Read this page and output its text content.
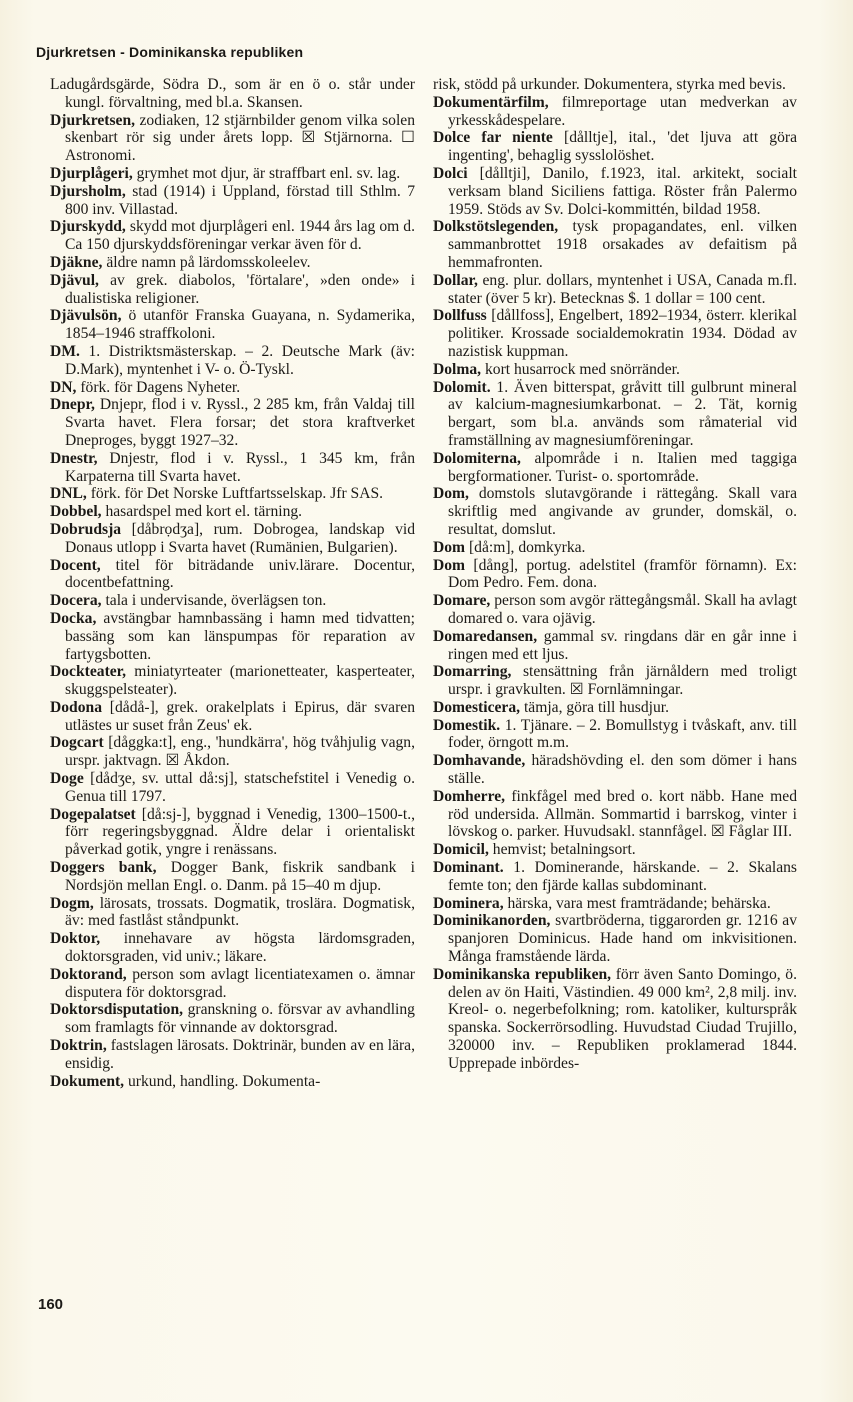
Djurkretsen - Dominikanska republiken

Ladugårdsgärde, Södra D., som är en ö o. står under kungl. förvaltning, med bl.a. Skansen.

Djurkretsen, zodiaken, 12 stjärnbilder genom vilka solen skenbart rör sig under årets lopp. ☒ Stjärnorna. ☐ Astronomi.

Djurplågeri, grymhet mot djur, är straffbart enl. sv. lag.

Djursholm, stad (1914) i Uppland, förstad till Sthlm. 7 800 inv. Villastad.

Djurskydd, skydd mot djurplågeri enl. 1944 års lag om d. Ca 150 djurskyddsföreningar verkar även för d.

Djäkne, äldre namn på lärdomsskoleelev.

Djävul, av grek. diabolos, 'förtalare', »den onde» i dualistiska religioner.

Djävulsön, ö utanför Franska Guayana, n. Sydamerika, 1854–1946 straffkoloni.

DM. 1. Distriktsmästerskap. – 2. Deutsche Mark (äv: D.Mark), myntenhet i V- o. Ö-Tyskl.

DN, förk. för Dagens Nyheter.

Dnepr, Dnjepr, flod i v. Ryssl., 2 285 km, från Valdaj till Svarta havet. Flera forsar; det stora kraftverket Dneproges, byggt 1927–32.

Dnestr, Dnjestr, flod i v. Ryssl., 1 345 km, från Karpaterna till Svarta havet.

DNL, förk. för Det Norske Luftfartsselskap. Jfr SAS.

Dobbel, hasardspel med kort el. tärning.

Dobrudsja [dåbrọdʒa], rum. Dobrogea, landskap vid Donaus utlopp i Svarta havet (Rumänien, Bulgarien).

Docent, titel för biträdande univ.lärare. Docentur, docentbefattning.

Docera, tala i undervisande, överlägsen ton.

Docka, avstängbar hamnbassäng i hamn med tidvatten; bassäng som kan länspumpas för reparation av fartygsbotten.

Dockteater, miniatyrteater (marionetteater, kasperteater, skuggspelsteater).

Dodona [dådå-], grek. orakelplats i Epirus, där svaren utlästes ur suset från Zeus' ek.

Dogcart [dåggka:t], eng., 'hundkärra', hög tvåhjulig vagn, urspr. jaktvagn. ☒ Åkdon.

Doge [dådʒe, sv. uttal då:sj], statschefstitel i Venedig o. Genua till 1797.

Dogepalatset [då:sj-], byggnad i Venedig, 1300–1500-t., förr regeringsbyggnad. Äldre delar i orientaliskt påverkad gotik, yngre i renässans.

Doggers bank, Dogger Bank, fiskrik sandbank i Nordsjön mellan Engl. o. Danm. på 15–40 m djup.

Dogm, lärosats, trossats. Dogmatik, troslära. Dogmatisk, äv: med fastlåst ståndpunkt.

Doktor, innehavare av högsta lärdomsgraden, doktorsgraden, vid univ.; läkare.

Doktorand, person som avlagt licentiatexamen o. ämnar disputera för doktorsgrad.

Doktorsdisputation, granskning o. försvar av avhandling som framlagts för vinnande av doktorsgrad.

Doktrin, fastslagen lärosats. Doktrinär, bunden av en lära, ensidig.

Dokument, urkund, handling. Dokumenta-

risk, stödd på urkunder. Dokumentera, styrka med bevis.

Dokumentärfilm, filmreportage utan medverkan av yrkesskådespelare.

Dolce far niente [dålltje], ital., 'det ljuva att göra ingenting', behaglig sysslolöshet.

Dolci [dålltji], Danilo, f.1923, ital. arkitekt, socialt verksam bland Siciliens fattiga. Röster från Palermo 1959. Stöds av Sv. Dolci-kommittén, bildad 1958.

Dolkstötslegenden, tysk propagandates, enl. vilken sammanbrottet 1918 orsakades av defaitism på hemmafronten.

Dollar, eng. plur. dollars, myntenhet i USA, Canada m.fl. stater (över 5 kr). Betecknas $. 1 dollar = 100 cent.

Dollfuss [dållfoss], Engelbert, 1892–1934, österr. klerikal politiker. Krossade socialdemokratin 1934. Dödad av nazistisk kuppman.

Dolma, kort husarrock med snörränder.

Dolomit. 1. Även bitterspat, gråvitt till gulbrunt mineral av kalcium-magnesiumkarbonat. – 2. Tät, kornig bergart, som bl.a. används som råmaterial vid framställning av magnesiumföreningar.

Dolomiterna, alpområde i n. Italien med taggiga bergformationer. Turist- o. sportområde.

Dom, domstols slutavgörande i rättegång. Skall vara skriftlig med angivande av grunder, domskäl, o. resultat, domslut.

Dom [då:m], domkyrka.

Dom [dång], portug. adelstitel (framför förnamn). Ex: Dom Pedro. Fem. dona.

Domare, person som avgör rättegångsmål. Skall ha avlagt domared o. vara ojävig.

Domaredansen, gammal sv. ringdans där en går inne i ringen med ett ljus.

Domarring, stensättning från järnåldern med troligt urspr. i gravkulten. ☒ Fornlämningar.

Domesticera, tämja, göra till husdjur.

Domestik. 1. Tjänare. – 2. Bomullstyg i tvåskaft, anv. till foder, örngott m.m.

Domhavande, häradshövding el. den som dömer i hans ställe.

Domherre, finkfågel med bred o. kort näbb. Hane med röd undersida. Allmän. Sommartid i barrskog, vinter i lövskog o. parker. Huvudsakl. stannfågel. ☒ Fåglar III.

Domicil, hemvist; betalningsort.

Dominant. 1. Dominerande, härskande. – 2. Skalans femte ton; den fjärde kallas subdominant.

Dominera, härska, vara mest framträdande; behärska.

Dominikanorden, svartbröderna, tiggarorden gr. 1216 av spanjoren Dominicus. Hade hand om inkvisitionen. Många framstående lärda.

Dominikanska republiken, förr även Santo Domingo, ö. delen av ön Haiti, Västindien. 49 000 km², 2,8 milj. inv. Kreol- o. negerbefolkning; rom. katoliker, kulturspråk spanska. Sockerrörsodling. Huvudstad Ciudad Trujillo, 320000 inv. – Republiken proklamerad 1844. Upprepade inbördes-

160
